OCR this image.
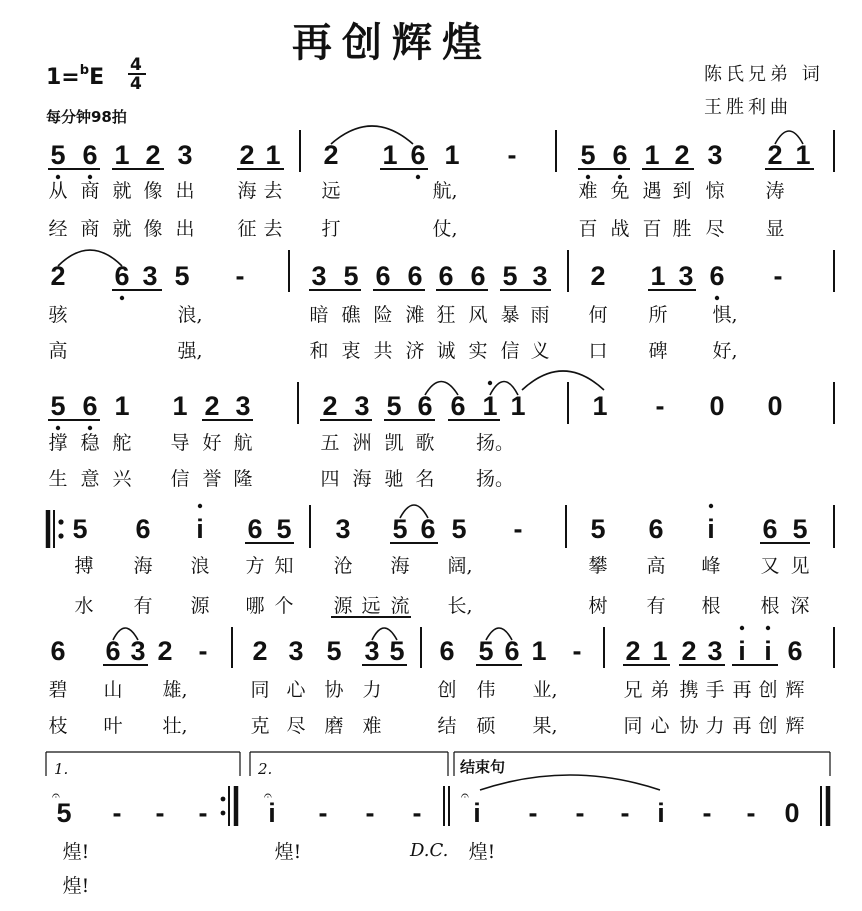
再创辉煌
1=$^b$E 4
4
每分钟98拍
陈氏兄弟 词
王胜利曲
5 6 1 2 3 2 1 2 1 6 1 - 5 6 1 2 3 2 1
从 商 就 像 出 海 去 远	航,	难 免 遇 到 惊 涛
经 商 就 像 出 征 去 打	仗,	百 战 百 胜 尽 显
2 6 3 5 - 3 5 6 6 6 6 5 3 2 1 3 6 -
骇	浪,	暗 礁 险 滩 狂 风 暴 雨 何 所 惧,
高	强,	和 衷 共 济 诚 实 信 义 口 碑 好,
5 6 1 1 2 3	2 3 5 6 6 1 1 1 - 0 0
撑 稳 舵 导 好 航	五 洲 凯 歌 扬。
生 意 兴 信 誉 隆	四 海 驰 名 扬。
5 6 i 6 5 3 5 6 5 -	5 6 i 6 5
搏 海 浪 方 知 沧 海 阔,	攀 高 峰 又 见
水 有 源 哪 个 源 远 流 长,	树 有 根 根 深
6 6 3 2 - 2 3 5 3 5 6 5 6 1 - 2 1 2 3 i i 6
碧 山 雄,	同 心 协 力	创 伟 业,	兄 弟 携 手 再 创 辉
枝 叶 壮,	克 尽 磨 难	结 硕 果,	同 心 协 力 再 创 辉
1.	2.	结束句
5 - - - i - - - i - - - i - - 0
𝄐	𝄐	𝄐
煌!	煌!	D.C. 煌!
煌!
